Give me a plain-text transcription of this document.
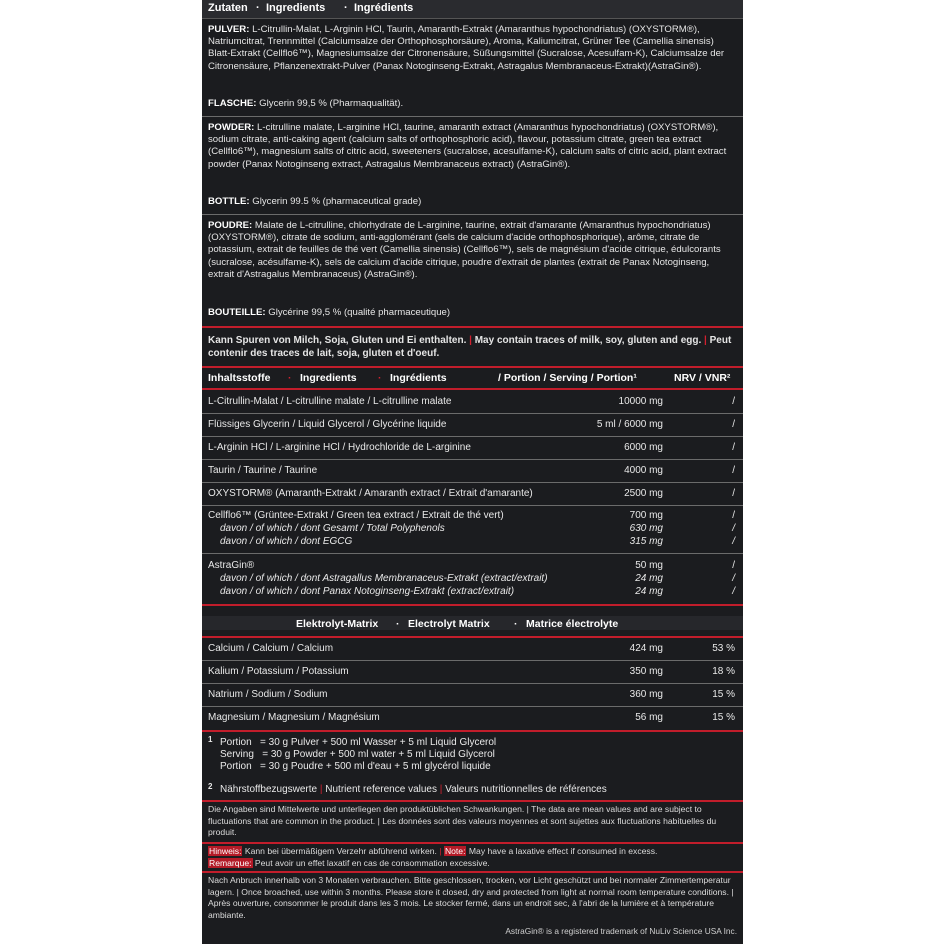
Zutaten · Ingredients · Ingrédients
PULVER: L-Citrullin-Malat, L-Arginin HCl, Taurin, Amaranth-Extrakt (Amaranthus hypochondriatus) (OXYSTORM®), Natriumcitrat, Trennmittel (Calciumsalze der Orthophosphorsäure), Aroma, Kaliumcitrat, Grüner Tee (Camellia sinensis) Blatt-Extrakt (Cellflo6™), Magnesiumsalze der Citronensäure, Süßungsmittel (Sucralose, Acesulfam-K), Calciumsalze der Citronensäure, Pflanzenextrakt-Pulver (Panax Notoginseng-Extrakt, Astragalus Membranaceus-Extrakt)(AstraGin®).
FLASCHE: Glycerin 99,5 % (Pharmaqualität).
POWDER: L-citrulline malate, L-arginine HCl, taurine, amaranth extract (Amaranthus hypochondriatus) (OXYSTORM®), sodium citrate, anti-caking agent (calcium salts of orthophosphoric acid), flavour, potassium citrate, green tea extract (Cellflo6™), magnesium salts of citric acid, sweeteners (sucralose, acesulfame-K), calcium salts of citric acid, plant extract powder (Panax Notoginseng extract, Astragalus Membranaceus extract) (AstraGin®).
BOTTLE: Glycerin 99.5 % (pharmaceutical grade)
POUDRE: Malate de L-citrulline, chlorhydrate de L-arginine, taurine, extrait d'amarante (Amaranthus hypochondriatus) (OXYSTORM®), citrate de sodium, anti-agglomérant (sels de calcium d'acide orthophosphorique), arôme, citrate de potassium, extrait de feuilles de thé vert (Camellia sinensis) (Cellflo6™), sels de magnésium d'acide citrique, édulcorants (sucralose, acésulfame-K), sels de calcium d'acide citrique, poudre d'extrait de plantes (extrait de Panax Notoginseng, extrait d'Astragalus Membranaceus) (AstraGin®).
BOUTEILLE: Glycérine 99,5 % (qualité pharmaceutique)
Kann Spuren von Milch, Soja, Gluten und Ei enthalten. | May contain traces of milk, soy, gluten and egg. | Peut contenir des traces de lait, soja, gluten et d'oeuf.
Inhaltsstoffe · Ingredients · Ingrédients	/ Portion / Serving / Portion¹	NRV / VNR²
L-Citrullin-Malat / L-citrulline malate / L-citrulline malate	10000 mg	/
Flüssiges Glycerin / Liquid Glycerol / Glycérine liquide	5 ml / 6000 mg	/
L-Arginin HCl / L-arginine HCl / Hydrochloride de L-arginine	6000 mg	/
Taurin / Taurine / Taurine	4000 mg	/
OXYSTORM® (Amaranth-Extrakt / Amaranth extract / Extrait d'amarante)	2500 mg	/
Cellflo6™ (Grüntee-Extrakt / Green tea extract / Extrait de thé vert)	700 mg	/
davon / of which / dont Gesamt / Total Polyphenols	630 mg	/
davon / of which / dont EGCG	315 mg	/
AstraGin®	50 mg	/
davon / of which / dont Astragallus Membranaceus-Extrakt (extract/extrait)	24 mg	/
davon / of which / dont Panax Notoginseng-Extrakt (extract/extrait)	24 mg	/
Elektrolyt-Matrix · Electrolyt Matrix · Matrice électrolyte
Calcium / Calcium / Calcium	424 mg	53 %
Kalium / Potassium / Potassium	350 mg	18 %
Natrium / Sodium / Sodium	360 mg	15 %
Magnesium / Magnesium / Magnésium	56 mg	15 %
1 Portion   = 30 g Pulver + 500 ml Wasser + 5 ml Liquid Glycerol
Serving   = 30 g Powder + 500 ml water + 5 ml Liquid Glycerol
Portion   = 30 g Poudre + 500 ml d'eau + 5 ml glycérol liquide
2 Nährstoffbezugswerte | Nutrient reference values | Valeurs nutritionnelles de références
Die Angaben sind Mittelwerte und unterliegen den produktüblichen Schwankungen. | The data are mean values and are subject to fluctuations that are common in the product. | Les données sont des valeurs moyennes et sont sujettes aux fluctuations habituelles du produit.
Hinweis: Kann bei übermäßigem Verzehr abführend wirken. | Note: May have a laxative effect if consumed in excess.
Remarque: Peut avoir un effet laxatif en cas de consommation excessive.
Nach Anbruch innerhalb von 3 Monaten verbrauchen. Bitte geschlossen, trocken, vor Licht geschützt und bei normaler Zimmertemperatur lagern. | Once broached, use within 3 months. Please store it closed, dry and protected from light at normal room temperature conditions. | Après ouverture, consommer le produit dans les 3 mois. Le stocker fermé, dans un endroit sec, à l'abri de la lumière et à température ambiante.
AstraGin® is a registered trademark of NuLiv Science USA Inc.
